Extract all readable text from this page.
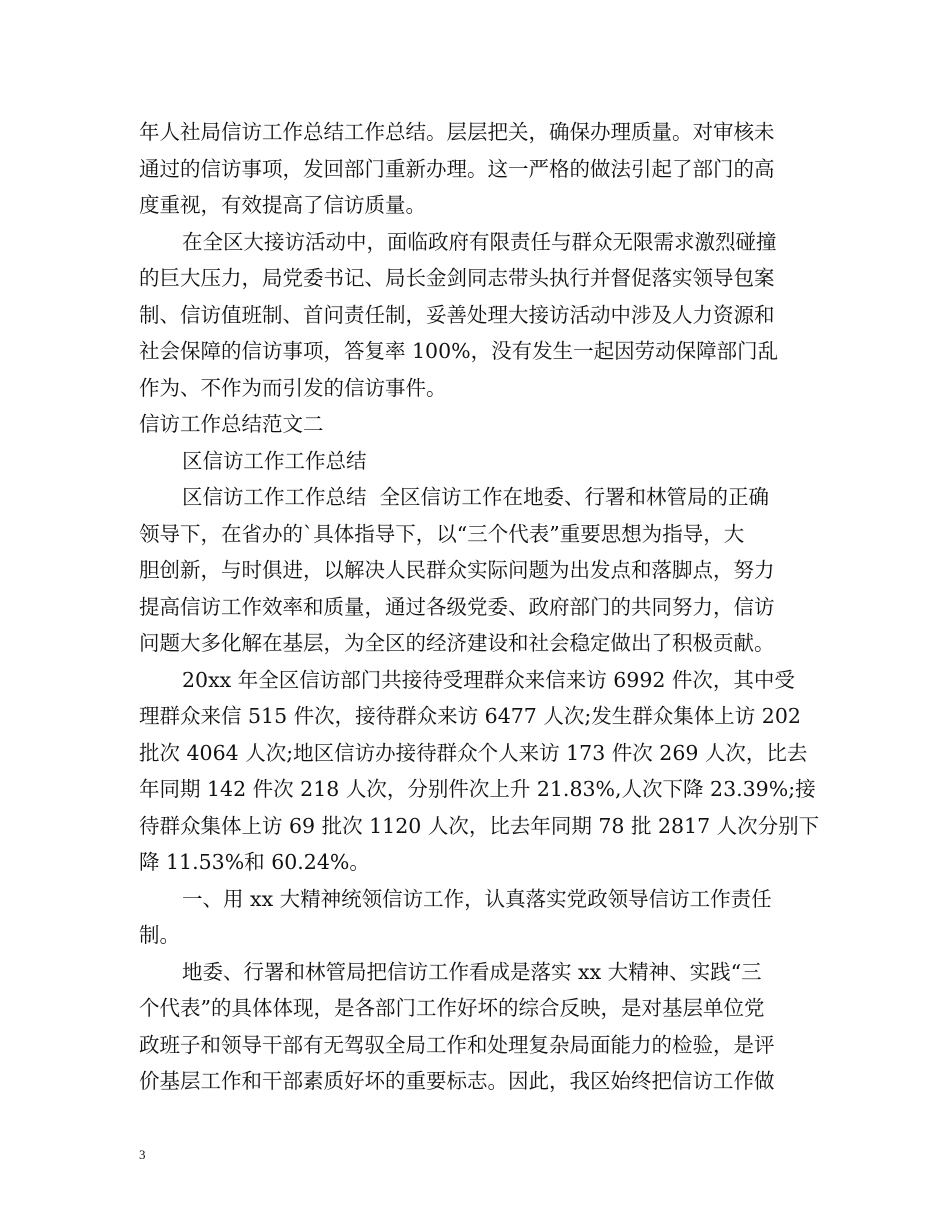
年人社局信访工作总结工作总结。层层把关，确保办理质量。对审核未
通过的信访事项，发回部门重新办理。这一严格的做法引起了部门的高
度重视，有效提高了信访质量。
在全区大接访活动中，面临政府有限责任与群众无限需求激烈碰撞
的巨大压力，局党委书记、局长金剑同志带头执行并督促落实领导包案
制、信访值班制、首问责任制，妥善处理大接访活动中涉及人力资源和
社会保障的信访事项，答复率 100%，没有发生一起因劳动保障部门乱
作为、不作为而引发的信访事件。
信访工作总结范文二
区信访工作工作总结
区信访工作工作总结  全区信访工作在地委、行署和林管局的正确
领导下，在省办的`具体指导下，以“三个代表”重要思想为指导，大
胆创新，与时俱进，以解决人民群众实际问题为出发点和落脚点，努力
提高信访工作效率和质量，通过各级党委、政府部门的共同努力，信访
问题大多化解在基层，为全区的经济建设和社会稳定做出了积极贡献。
20xx 年全区信访部门共接待受理群众来信来访 6992 件次，其中受
理群众来信 515 件次，接待群众来访 6477 人次;发生群众集体上访 202
批次 4064 人次;地区信访办接待群众个人来访 173 件次 269 人次，比去
年同期 142 件次 218 人次，分别件次上升 21.83%,人次下降 23.39%;接
待群众集体上访 69 批次 1120 人次，比去年同期 78 批 2817 人次分别下
降 11.53%和 60.24%。
一、用 xx 大精神统领信访工作，认真落实党政领导信访工作责任
制。
地委、行署和林管局把信访工作看成是落实 xx 大精神、实践“三
个代表”的具体体现，是各部门工作好坏的综合反映，是对基层单位党
政班子和领导干部有无驾驭全局工作和处理复杂局面能力的检验，是评
价基层工作和干部素质好坏的重要标志。因此，我区始终把信访工作做
3
